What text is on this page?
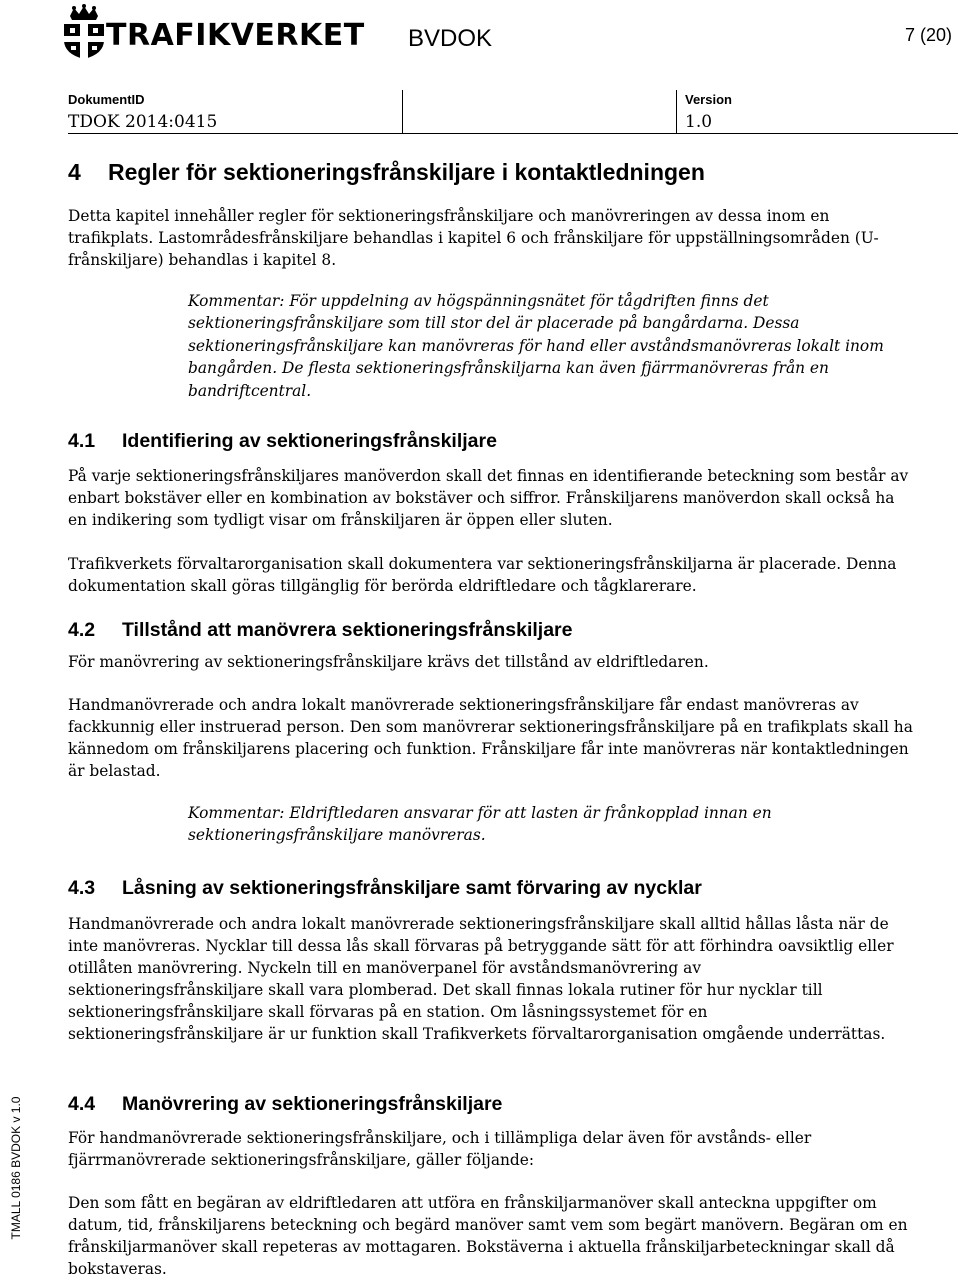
TRAFIKVERKET BVDOK	7 (20)
DokumentID
TDOK 2014:0415
Version
1.0
4 Regler för sektioneringsfrånskiljare i kontaktledningen
Detta kapitel innehåller regler för sektioneringsfrånskiljare och manövreringen av dessa inom en trafikplats. Lastområdesfrånskiljare behandlas i kapitel 6 och frånskiljare för uppställningsområden (U-frånskiljare) behandlas i kapitel 8.
Kommentar: För uppdelning av högspänningsnätet för tågdriften finns det sektioneringsfrånskiljare som till stor del är placerade på bangårdarna. Dessa sektioneringsfrånskiljare kan manövreras för hand eller avståndsmanövreras lokalt inom bangården. De flesta sektioneringsfrånskiljarna kan även fjärrmanövreras från en bandriftcentral.
4.1 Identifiering av sektioneringsfrånskiljare
På varje sektioneringsfrånskiljares manöverdon skall det finnas en identifierande beteckning som består av enbart bokstäver eller en kombination av bokstäver och siffror. Frånskiljarens manöverdon skall också ha en indikering som tydligt visar om frånskiljaren är öppen eller sluten.
Trafikverkets förvaltarorganisation skall dokumentera var sektioneringsfrånskiljarna är placerade. Denna dokumentation skall göras tillgänglig för berörda eldriftledare och tågklarerare.
4.2 Tillstånd att manövrera sektioneringsfrånskiljare
För manövrering av sektioneringsfrånskiljare krävs det tillstånd av eldriftledaren.
Handmanövrerade och andra lokalt manövrerade sektioneringsfrånskiljare får endast manövreras av fackkunnig eller instruerad person. Den som manövrerar sektioneringsfrånskiljare på en trafikplats skall ha kännedom om frånskiljarens placering och funktion. Frånskiljare får inte manövreras när kontaktledningen är belastad.
Kommentar: Eldriftledaren ansvarar för att lasten är frånkopplad innan en sektioneringsfrånskiljare manövreras.
4.3 Låsning av sektioneringsfrånskiljare samt förvaring av nycklar
Handmanövrerade och andra lokalt manövrerade sektioneringsfrånskiljare skall alltid hållas låsta när de inte manövreras. Nycklar till dessa lås skall förvaras på betryggande sätt för att förhindra oavsiktlig eller otillåten manövrering. Nyckeln till en manöverpanel för avståndsmanövrering av sektioneringsfrånskiljare skall vara plomberad. Det skall finnas lokala rutiner för hur nycklar till sektioneringsfrånskiljare skall förvaras på en station. Om låsningssystemet för en sektioneringsfrånskiljare är ur funktion skall Trafikverkets förvaltarorganisation omgående underrättas.
4.4 Manövrering av sektioneringsfrånskiljare
För handmanövrerade sektioneringsfrånskiljare, och i tillämpliga delar även för avstånds- eller fjärrmanövrerade sektioneringsfrånskiljare, gäller följande:
Den som fått en begäran av eldriftledaren att utföra en frånskiljarmanöver skall anteckna uppgifter om datum, tid, frånskiljarens beteckning och begärd manöver samt vem som begärt manövern. Begäran om en frånskiljarmanöver skall repeteras av mottagaren. Bokstäverna i aktuella frånskiljarbeteckningar skall då bokstaveras.
TMALL 0186 BVDOK v 1.0
